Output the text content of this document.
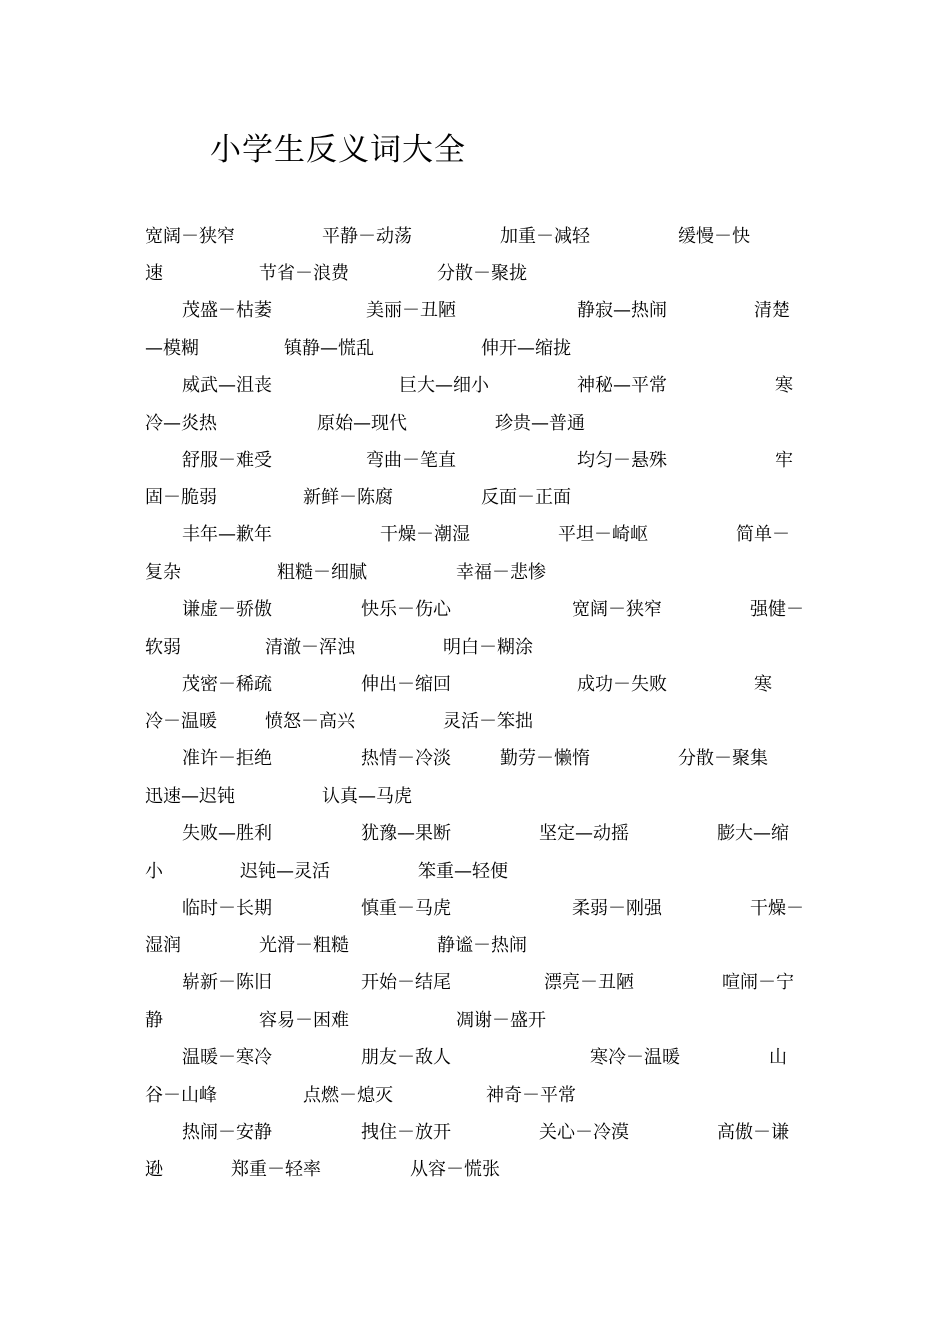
小学生反义词大全
宽阔－狭窄	平静－动荡	加重－减轻	缓慢－快
速	节省－浪费	分散－聚拢
茂盛－枯萎	美丽－丑陋	静寂—热闹	清楚
—模糊	镇静—慌乱	伸开—缩拢
威武—沮丧	巨大—细小	神秘—平常	寒
冷—炎热	原始—现代	珍贵—普通
舒服－难受	弯曲－笔直	均匀－悬殊	牢
固－脆弱	新鲜－陈腐	反面－正面
丰年—歉年	干燥－潮湿	平坦－崎岖	简单－
复杂	粗糙－细腻	幸福－悲惨
谦虚－骄傲	快乐－伤心	宽阔－狭窄	强健－
软弱	清澈－浑浊	明白－糊涂
茂密－稀疏	伸出－缩回	成功－失败	寒
冷－温暖	愤怒－高兴	灵活－笨拙
准许－拒绝	热情－冷淡	勤劳－懒惰	分散－聚集
迅速—迟钝	认真—马虎
失败—胜利	犹豫—果断	坚定—动摇	膨大—缩
小	迟钝—灵活	笨重—轻便
临时－长期	慎重－马虎	柔弱－刚强	干燥－
湿润	光滑－粗糙	静谧－热闹
崭新－陈旧	开始－结尾	漂亮－丑陋	喧闹－宁
静	容易－困难	凋谢－盛开
温暖－寒冷	朋友－敌人	寒冷－温暖	山
谷－山峰	点燃－熄灭	神奇－平常
热闹－安静	拽住－放开	关心－冷漠	高傲－谦
逊	郑重－轻率	从容－慌张
